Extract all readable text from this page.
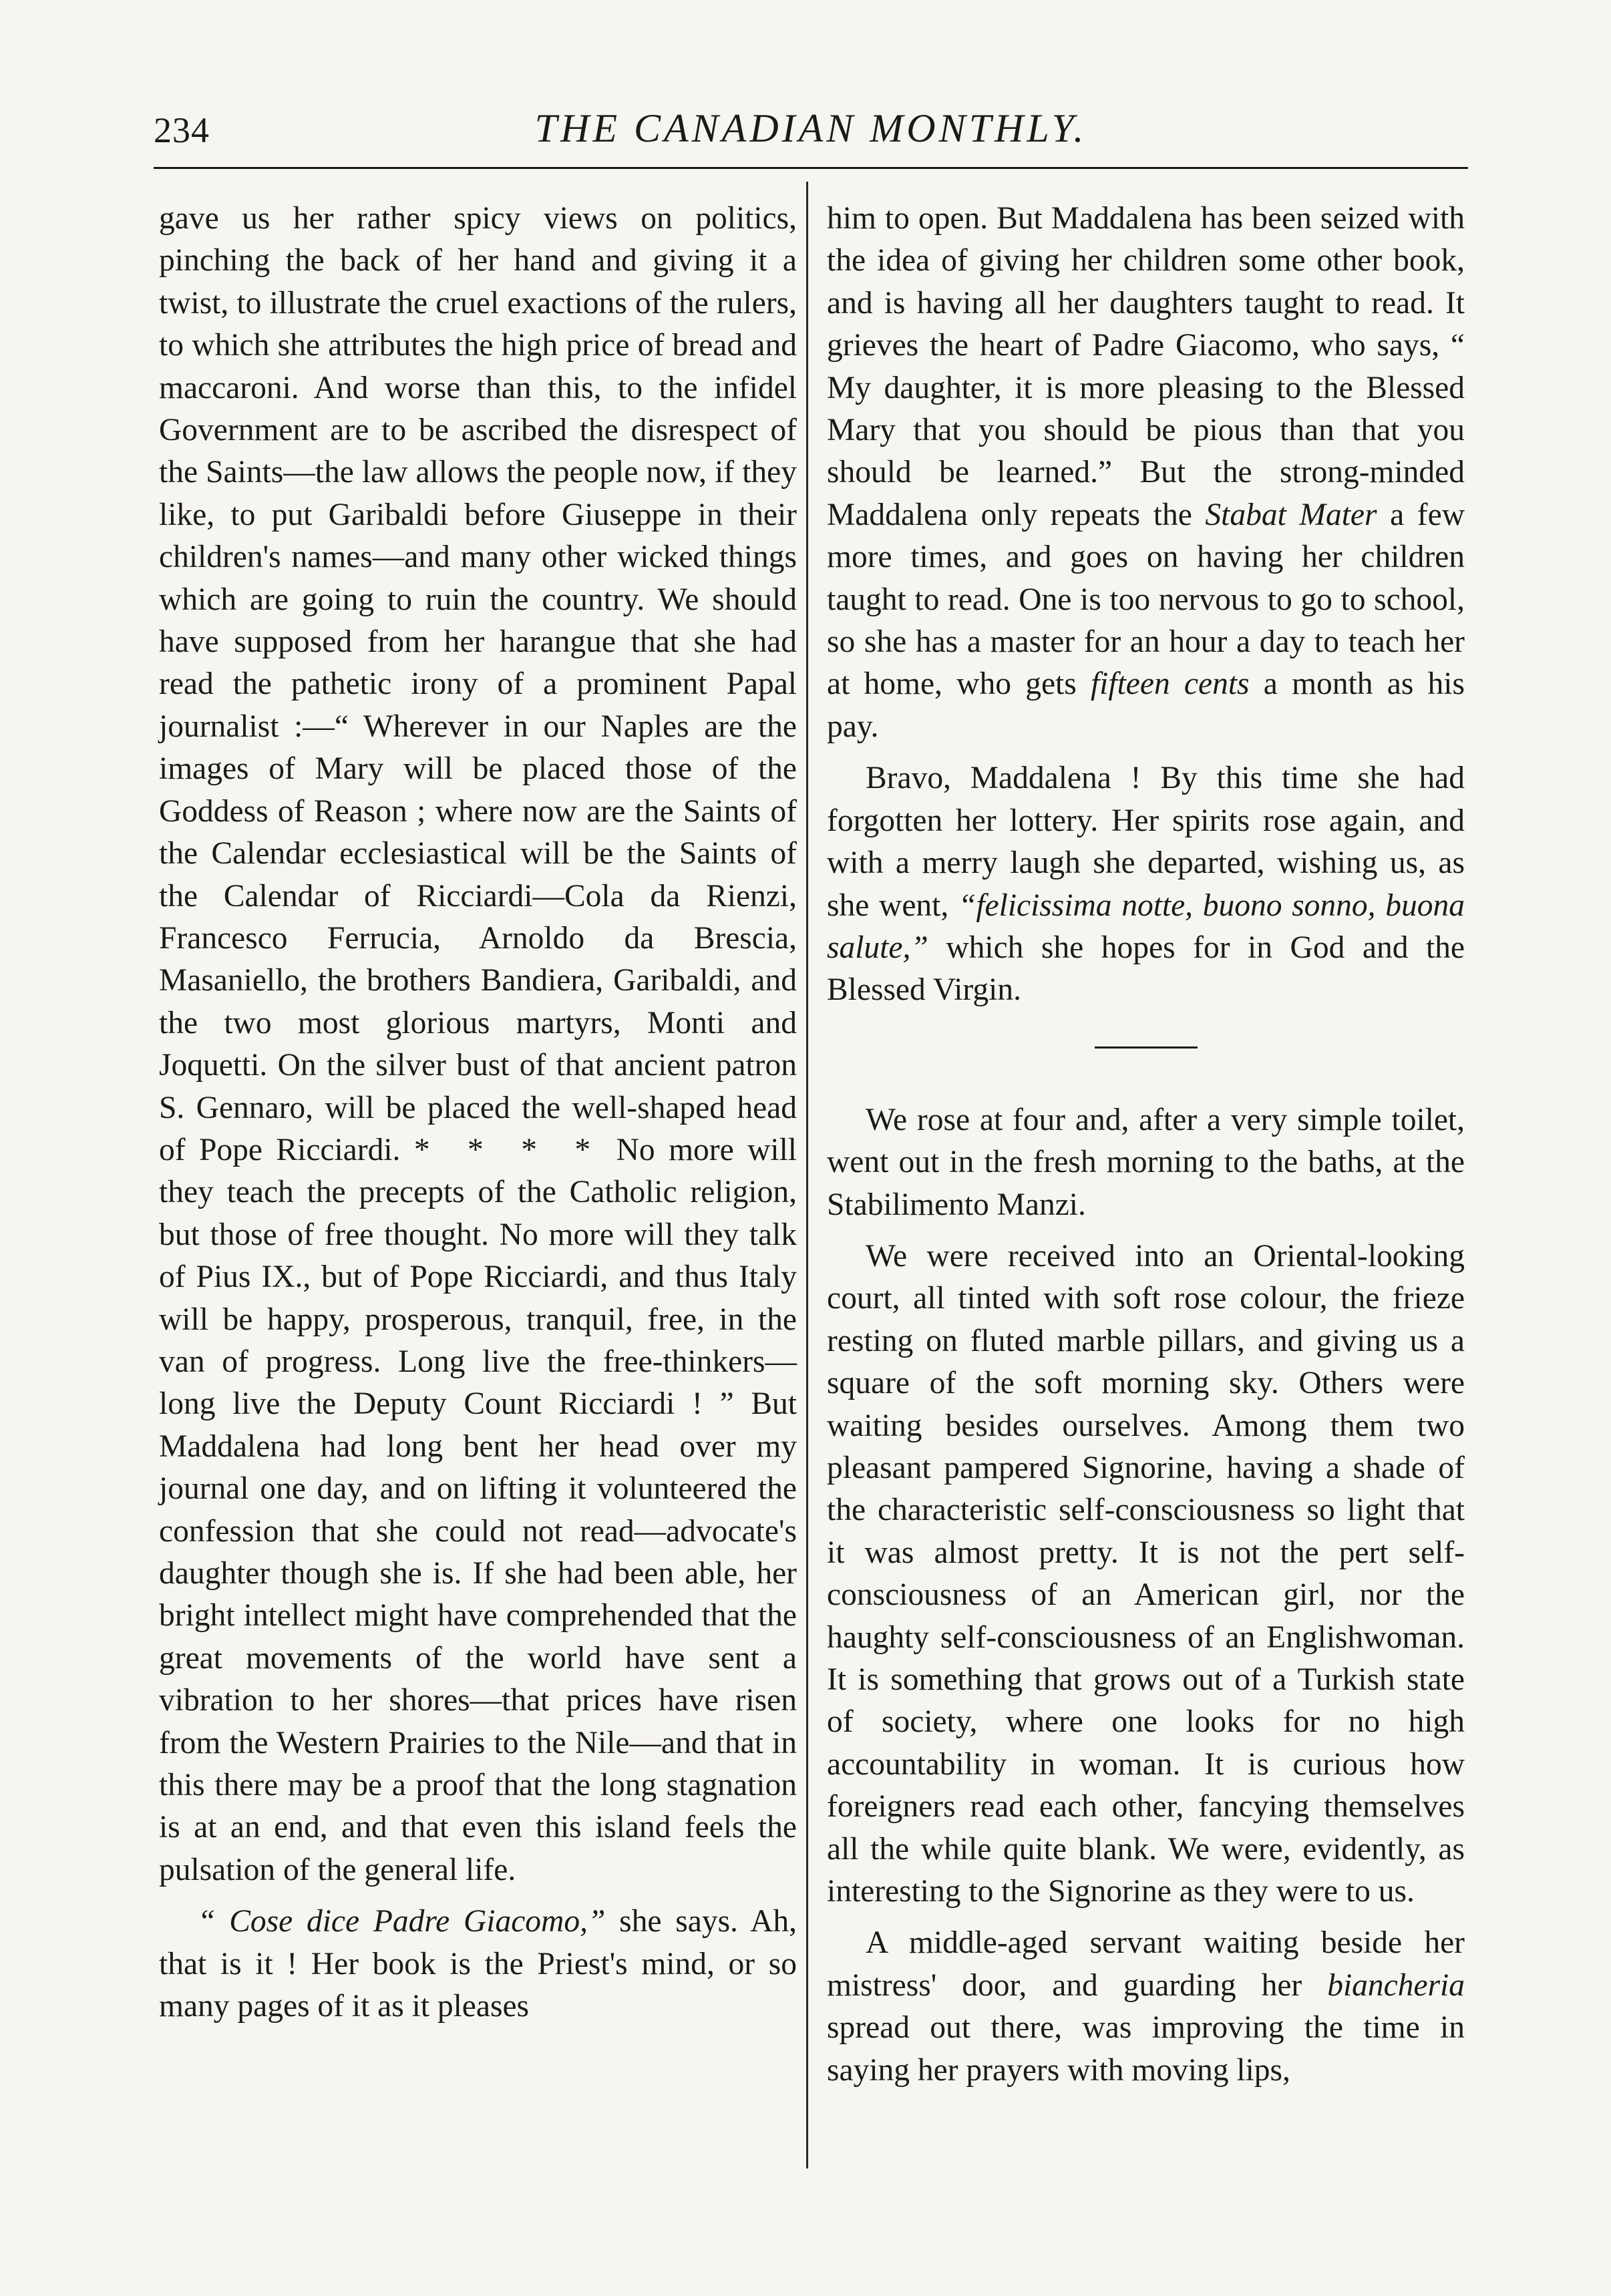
234	THE CANADIAN MONTHLY.

gave us her rather spicy views on politics, pinching the back of her hand and giving it a twist, to illustrate the cruel exactions of the rulers, to which she attributes the high price of bread and maccaroni. And worse than this, to the infidel Government are to be ascribed the disrespect of the Saints—the law allows the people now, if they like, to put Garibaldi before Giuseppe in their children's names—and many other wicked things which are going to ruin the country. We should have supposed from her harangue that she had read the pathetic irony of a prominent Papal journalist :—“ Wherever in our Naples are the images of Mary will be placed those of the Goddess of Reason ; where now are the Saints of the Calendar ecclesiastical will be the Saints of the Calendar of Ricciardi—Cola da Rienzi, Francesco Ferrucia, Arnoldo da Brescia, Masaniello, the brothers Bandiera, Garibaldi, and the two most glorious martyrs, Monti and Joquetti. On the silver bust of that ancient patron S. Gennaro, will be placed the well-shaped head of Pope Ricciardi. * * * * No more will they teach the precepts of the Catholic religion, but those of free thought. No more will they talk of Pius IX., but of Pope Ricciardi, and thus Italy will be happy, prosperous, tranquil, free, in the van of progress. Long live the free-thinkers—long live the Deputy Count Ricciardi ! ” But Maddalena had long bent her head over my journal one day, and on lifting it volunteered the confession that she could not read—advocate's daughter though she is. If she had been able, her bright intellect might have comprehended that the great movements of the world have sent a vibration to her shores—that prices have risen from the Western Prairies to the Nile—and that in this there may be a proof that the long stagnation is at an end, and that even this island feels the pulsation of the general life.

“ Cose dice Padre Giacomo,” she says. Ah, that is it ! Her book is the Priest's mind, or so many pages of it as it pleases

him to open. But Maddalena has been seized with the idea of giving her children some other book, and is having all her daughters taught to read. It grieves the heart of Padre Giacomo, who says, “ My daughter, it is more pleasing to the Blessed Mary that you should be pious than that you should be learned.” But the strong-minded Maddalena only repeats the Stabat Mater a few more times, and goes on having her children taught to read. One is too nervous to go to school, so she has a master for an hour a day to teach her at home, who gets fifteen cents a month as his pay.

Bravo, Maddalena ! By this time she had forgotten her lottery. Her spirits rose again, and with a merry laugh she departed, wishing us, as she went, “felicissima notte, buono sonno, buona salute,” which she hopes for in God and the Blessed Virgin.

We rose at four and, after a very simple toilet, went out in the fresh morning to the baths, at the Stabilimento Manzi.

We were received into an Oriental-looking court, all tinted with soft rose colour, the frieze resting on fluted marble pillars, and giving us a square of the soft morning sky. Others were waiting besides ourselves. Among them two pleasant pampered Signorine, having a shade of the characteristic self-consciousness so light that it was almost pretty. It is not the pert self-consciousness of an American girl, nor the haughty self-consciousness of an Englishwoman. It is something that grows out of a Turkish state of society, where one looks for no high accountability in woman. It is curious how foreigners read each other, fancying themselves all the while quite blank. We were, evidently, as interesting to the Signorine as they were to us.

A middle-aged servant waiting beside her mistress' door, and guarding her biancheria spread out there, was improving the time in saying her prayers with moving lips,
